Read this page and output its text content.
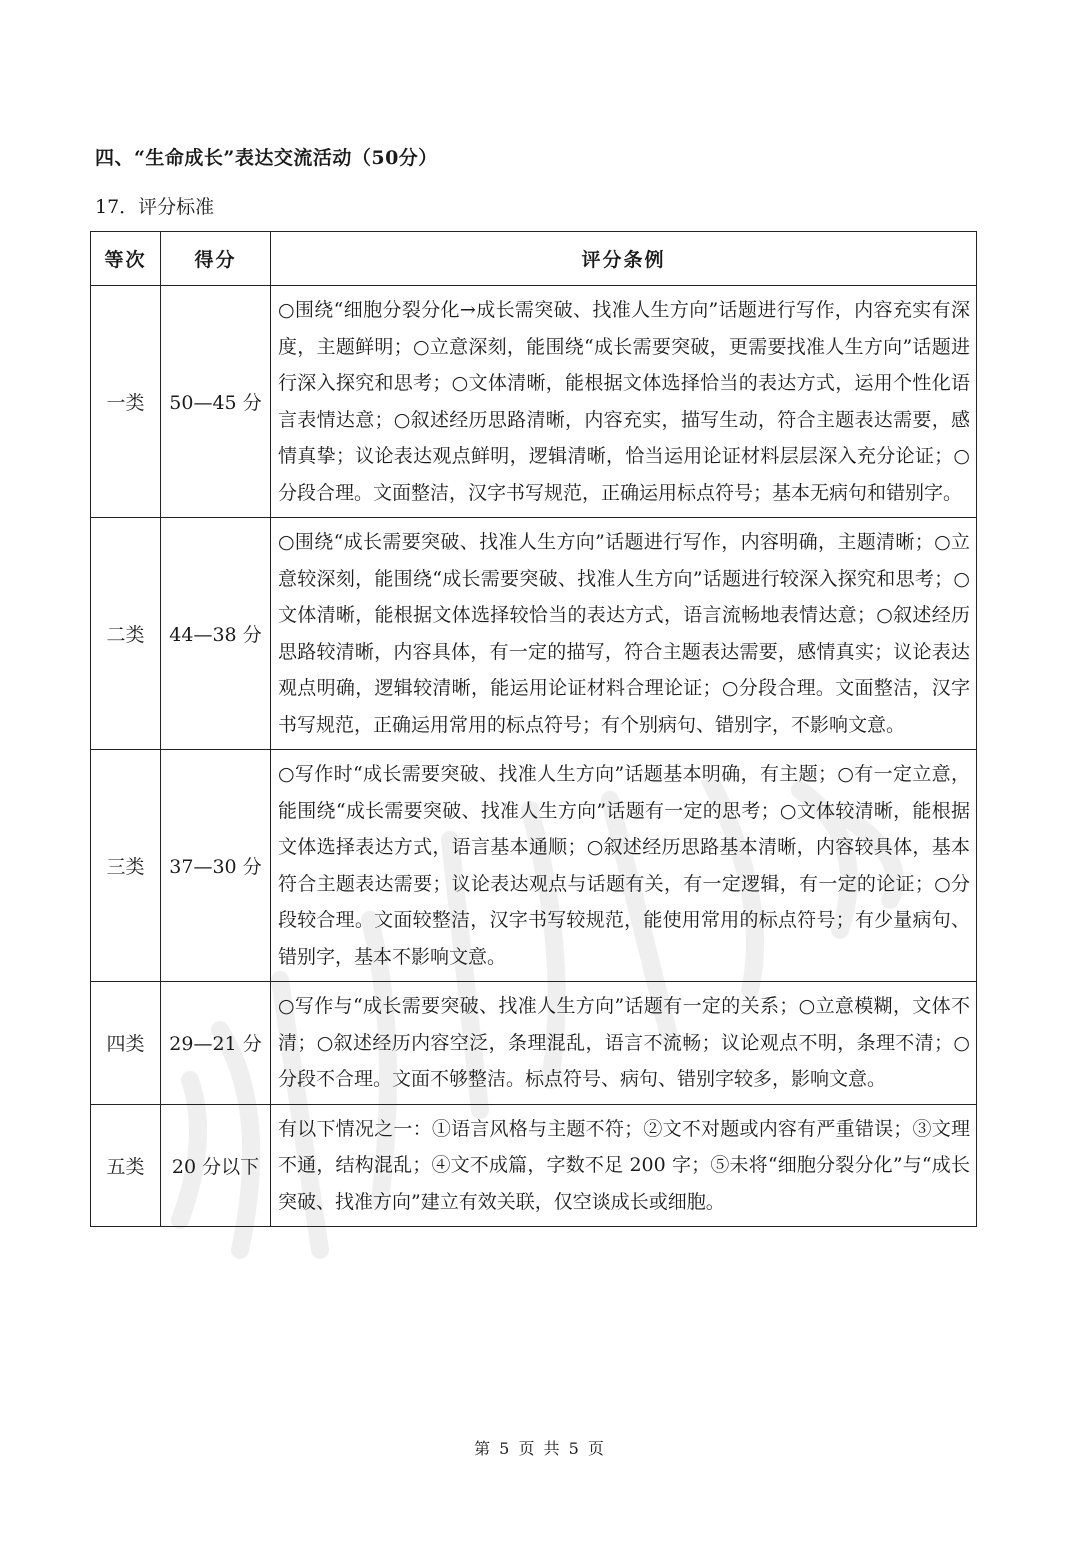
四、“生命成长”表达交流活动（50分）
17．评分标准
等次	得分	评分条例
一类	50—45 分	○围绕“细胞分裂分化→成长需突破、找准人生方向”话题进行写作，内容充实有深度，主题鲜明；○立意深刻，能围绕“成长需要突破，更需要找准人生方向”话题进行深入探究和思考；○文体清晰，能根据文体选择恰当的表达方式，运用个性化语言表情达意；○叙述经历思路清晰，内容充实，描写生动，符合主题表达需要，感情真挚；议论表达观点鲜明，逻辑清晰，恰当运用论证材料层层深入充分论证；○分段合理。文面整洁，汉字书写规范，正确运用标点符号；基本无病句和错别字。
二类	44—38 分	○围绕“成长需要突破、找准人生方向”话题进行写作，内容明确，主题清晰；○立意较深刻，能围绕“成长需要突破、找准人生方向”话题进行较深入探究和思考；○文体清晰，能根据文体选择较恰当的表达方式，语言流畅地表情达意；○叙述经历思路较清晰，内容具体，有一定的描写，符合主题表达需要，感情真实；议论表达观点明确，逻辑较清晰，能运用论证材料合理论证；○分段合理。文面整洁，汉字书写规范，正确运用常用的标点符号；有个别病句、错别字，不影响文意。
三类	37—30 分	○写作时“成长需要突破、找准人生方向”话题基本明确，有主题；○有一定立意，能围绕“成长需要突破、找准人生方向”话题有一定的思考；○文体较清晰，能根据文体选择表达方式，语言基本通顺；○叙述经历思路基本清晰，内容较具体，基本符合主题表达需要；议论表达观点与话题有关，有一定逻辑，有一定的论证；○分段较合理。文面较整洁，汉字书写较规范，能使用常用的标点符号；有少量病句、错别字，基本不影响文意。
四类	29—21 分	○写作与“成长需要突破、找准人生方向”话题有一定的关系；○立意模糊，文体不清；○叙述经历内容空泛，条理混乱，语言不流畅；议论观点不明，条理不清；○分段不合理。文面不够整洁。标点符号、病句、错别字较多，影响文意。
五类	20 分以下	有以下情况之一：①语言风格与主题不符；②文不对题或内容有严重错误；③文理不通，结构混乱；④文不成篇，字数不足 200 字；⑤未将“细胞分裂分化”与“成长突破、找准方向”建立有效关联，仅空谈成长或细胞。
第 5 页 共 5 页
